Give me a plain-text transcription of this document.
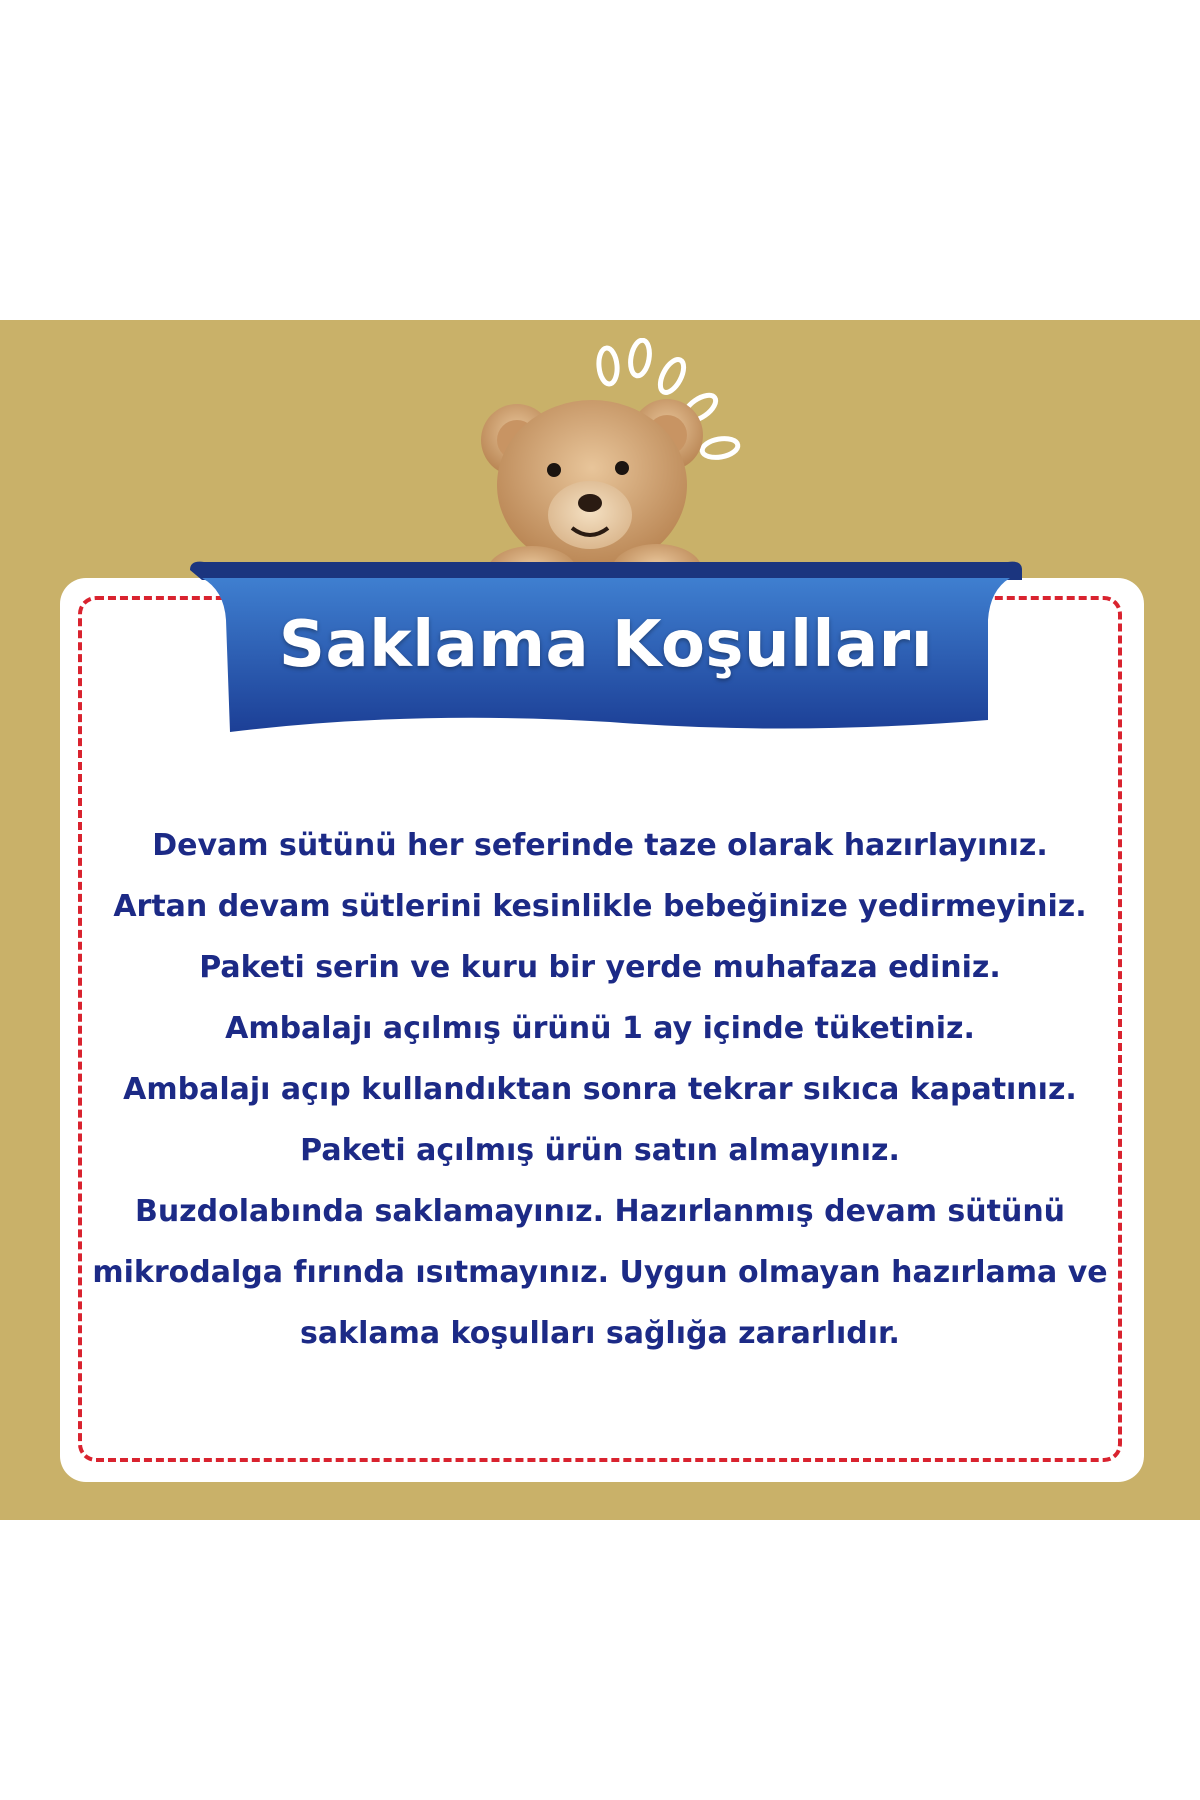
Saklama Koşulları
Devam sütünü her seferinde taze olarak hazırlayınız.
Artan devam sütlerini kesinlikle bebeğinize yedirmeyiniz.
Paketi serin ve kuru bir yerde muhafaza ediniz.
Ambalajı açılmış ürünü 1 ay içinde tüketiniz.
Ambalajı açıp kullandıktan sonra tekrar sıkıca kapatınız.
Paketi açılmış ürün satın almayınız.
Buzdolabında saklamayınız. Hazırlanmış devam sütünü
mikrodalga fırında ısıtmayınız. Uygun olmayan hazırlama ve
saklama koşulları sağlığa zararlıdır.
